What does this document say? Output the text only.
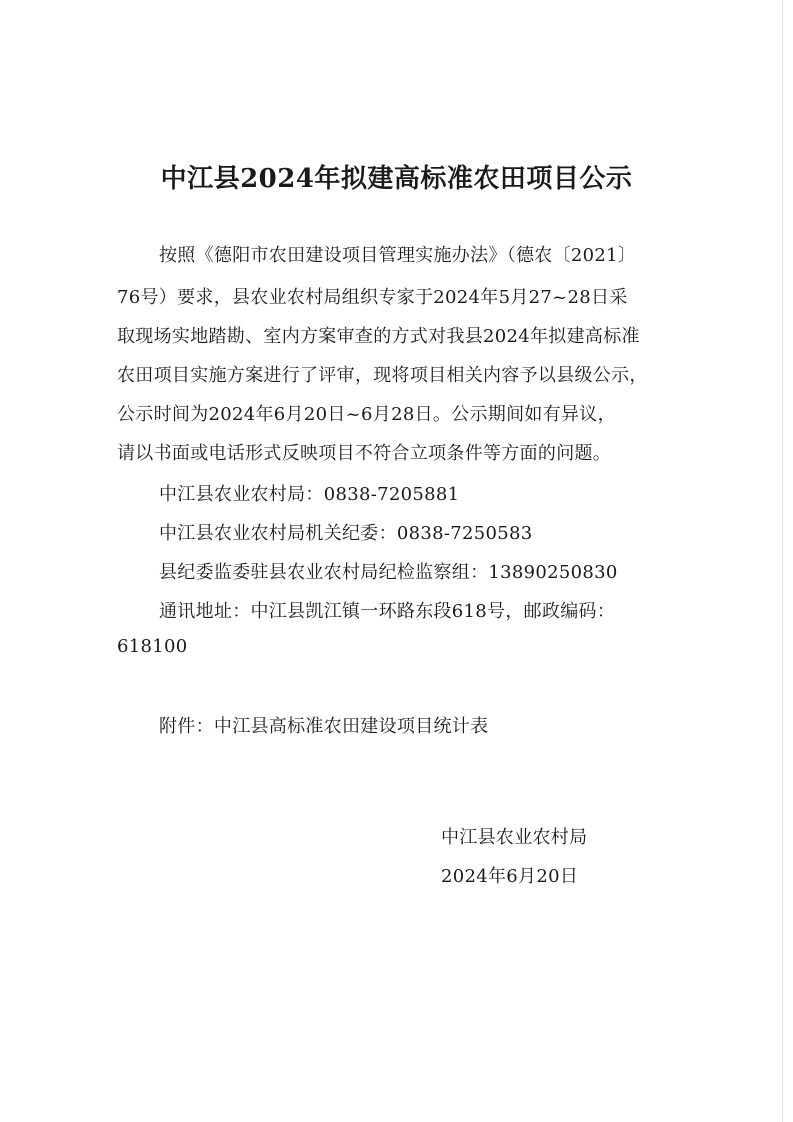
中江县2024年拟建高标准农田项目公示
按照《德阳市农田建设项目管理实施办法》（德农〔2021〕
76号）要求，县农业农村局组织专家于2024年5月27~28日采
取现场实地踏勘、室内方案审查的方式对我县2024年拟建高标准
农田项目实施方案进行了评审，现将项目相关内容予以县级公示，
公示时间为2024年6月20日~6月28日。公示期间如有异议，
请以书面或电话形式反映项目不符合立项条件等方面的问题。
中江县农业农村局：0838-7205881
中江县农业农村局机关纪委：0838-7250583
县纪委监委驻县农业农村局纪检监察组：13890250830
通讯地址：中江县凯江镇一环路东段618号，邮政编码：
618100
附件：中江县高标准农田建设项目统计表
中江县农业农村局
2024年6月20日
